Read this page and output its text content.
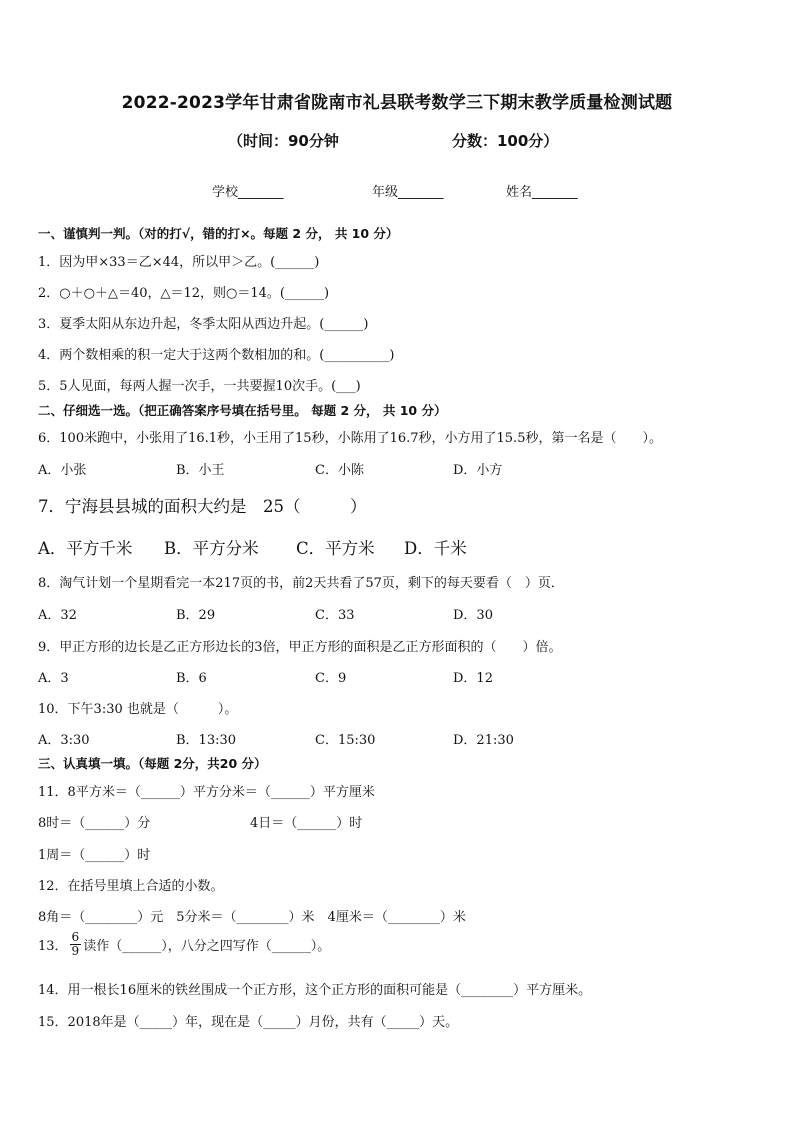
2022-2023学年甘肃省陇南市礼县联考数学三下期末教学质量检测试题
（时间：90分钟	分数：100分）
学校_______	年级_______	姓名_______
一、谨慎判一判。（对的打√，错的打×。每题 2 分， 共 10 分）
1．因为甲×33＝乙×44，所以甲＞乙。(______)
2．○＋○＋△＝40，△＝12，则○＝14。(______)
3．夏季太阳从东边升起，冬季太阳从西边升起。(______)
4．两个数相乘的积一定大于这两个数相加的和。(__________)
5．5人见面，每两人握一次手，一共要握10次手。(___)
二、仔细选一选。（把正确答案序号填在括号里。 每题 2 分， 共 10 分）
6．100米跑中，小张用了16.1秒，小王用了15秒，小陈用了16.7秒，小方用了15.5秒，第一名是（　　）。
A．小张	B．小王	C．小陈	D．小方
7．宁海县县城的面积大约是　25（　　　）
A．平方千米 B．平方分米 C．平方米 D．千米
8．淘气计划一个星期看完一本217页的书，前2天共看了57页，剩下的每天要看（　）页．
A．32	B．29	C．33	D．30
9．甲正方形的边长是乙正方形边长的3倍，甲正方形的面积是乙正方形面积的（　　）倍。
A．3	B．6	C．9	D．12
10．下午3:30 也就是（　　　）。
A．3:30	B．13:30	C．15:30	D．21:30
三、认真填一填。（每题 2分，共20 分）
11．8平方米＝（______）平方分米＝（______）平方厘米
8时＝（______）分	4日＝（______）时
1周＝（______）时
12．在括号里填上合适的小数。
8角＝（________）元　5分米＝（________）米　4厘米＝（________）米
13． $\frac{6}{9}$ 读作（______），八分之四写作（______）。
14．用一根长16厘米的铁丝围成一个正方形，这个正方形的面积可能是（________）平方厘米。
15．2018年是（_____）年，现在是（_____）月份，共有（_____）天。
